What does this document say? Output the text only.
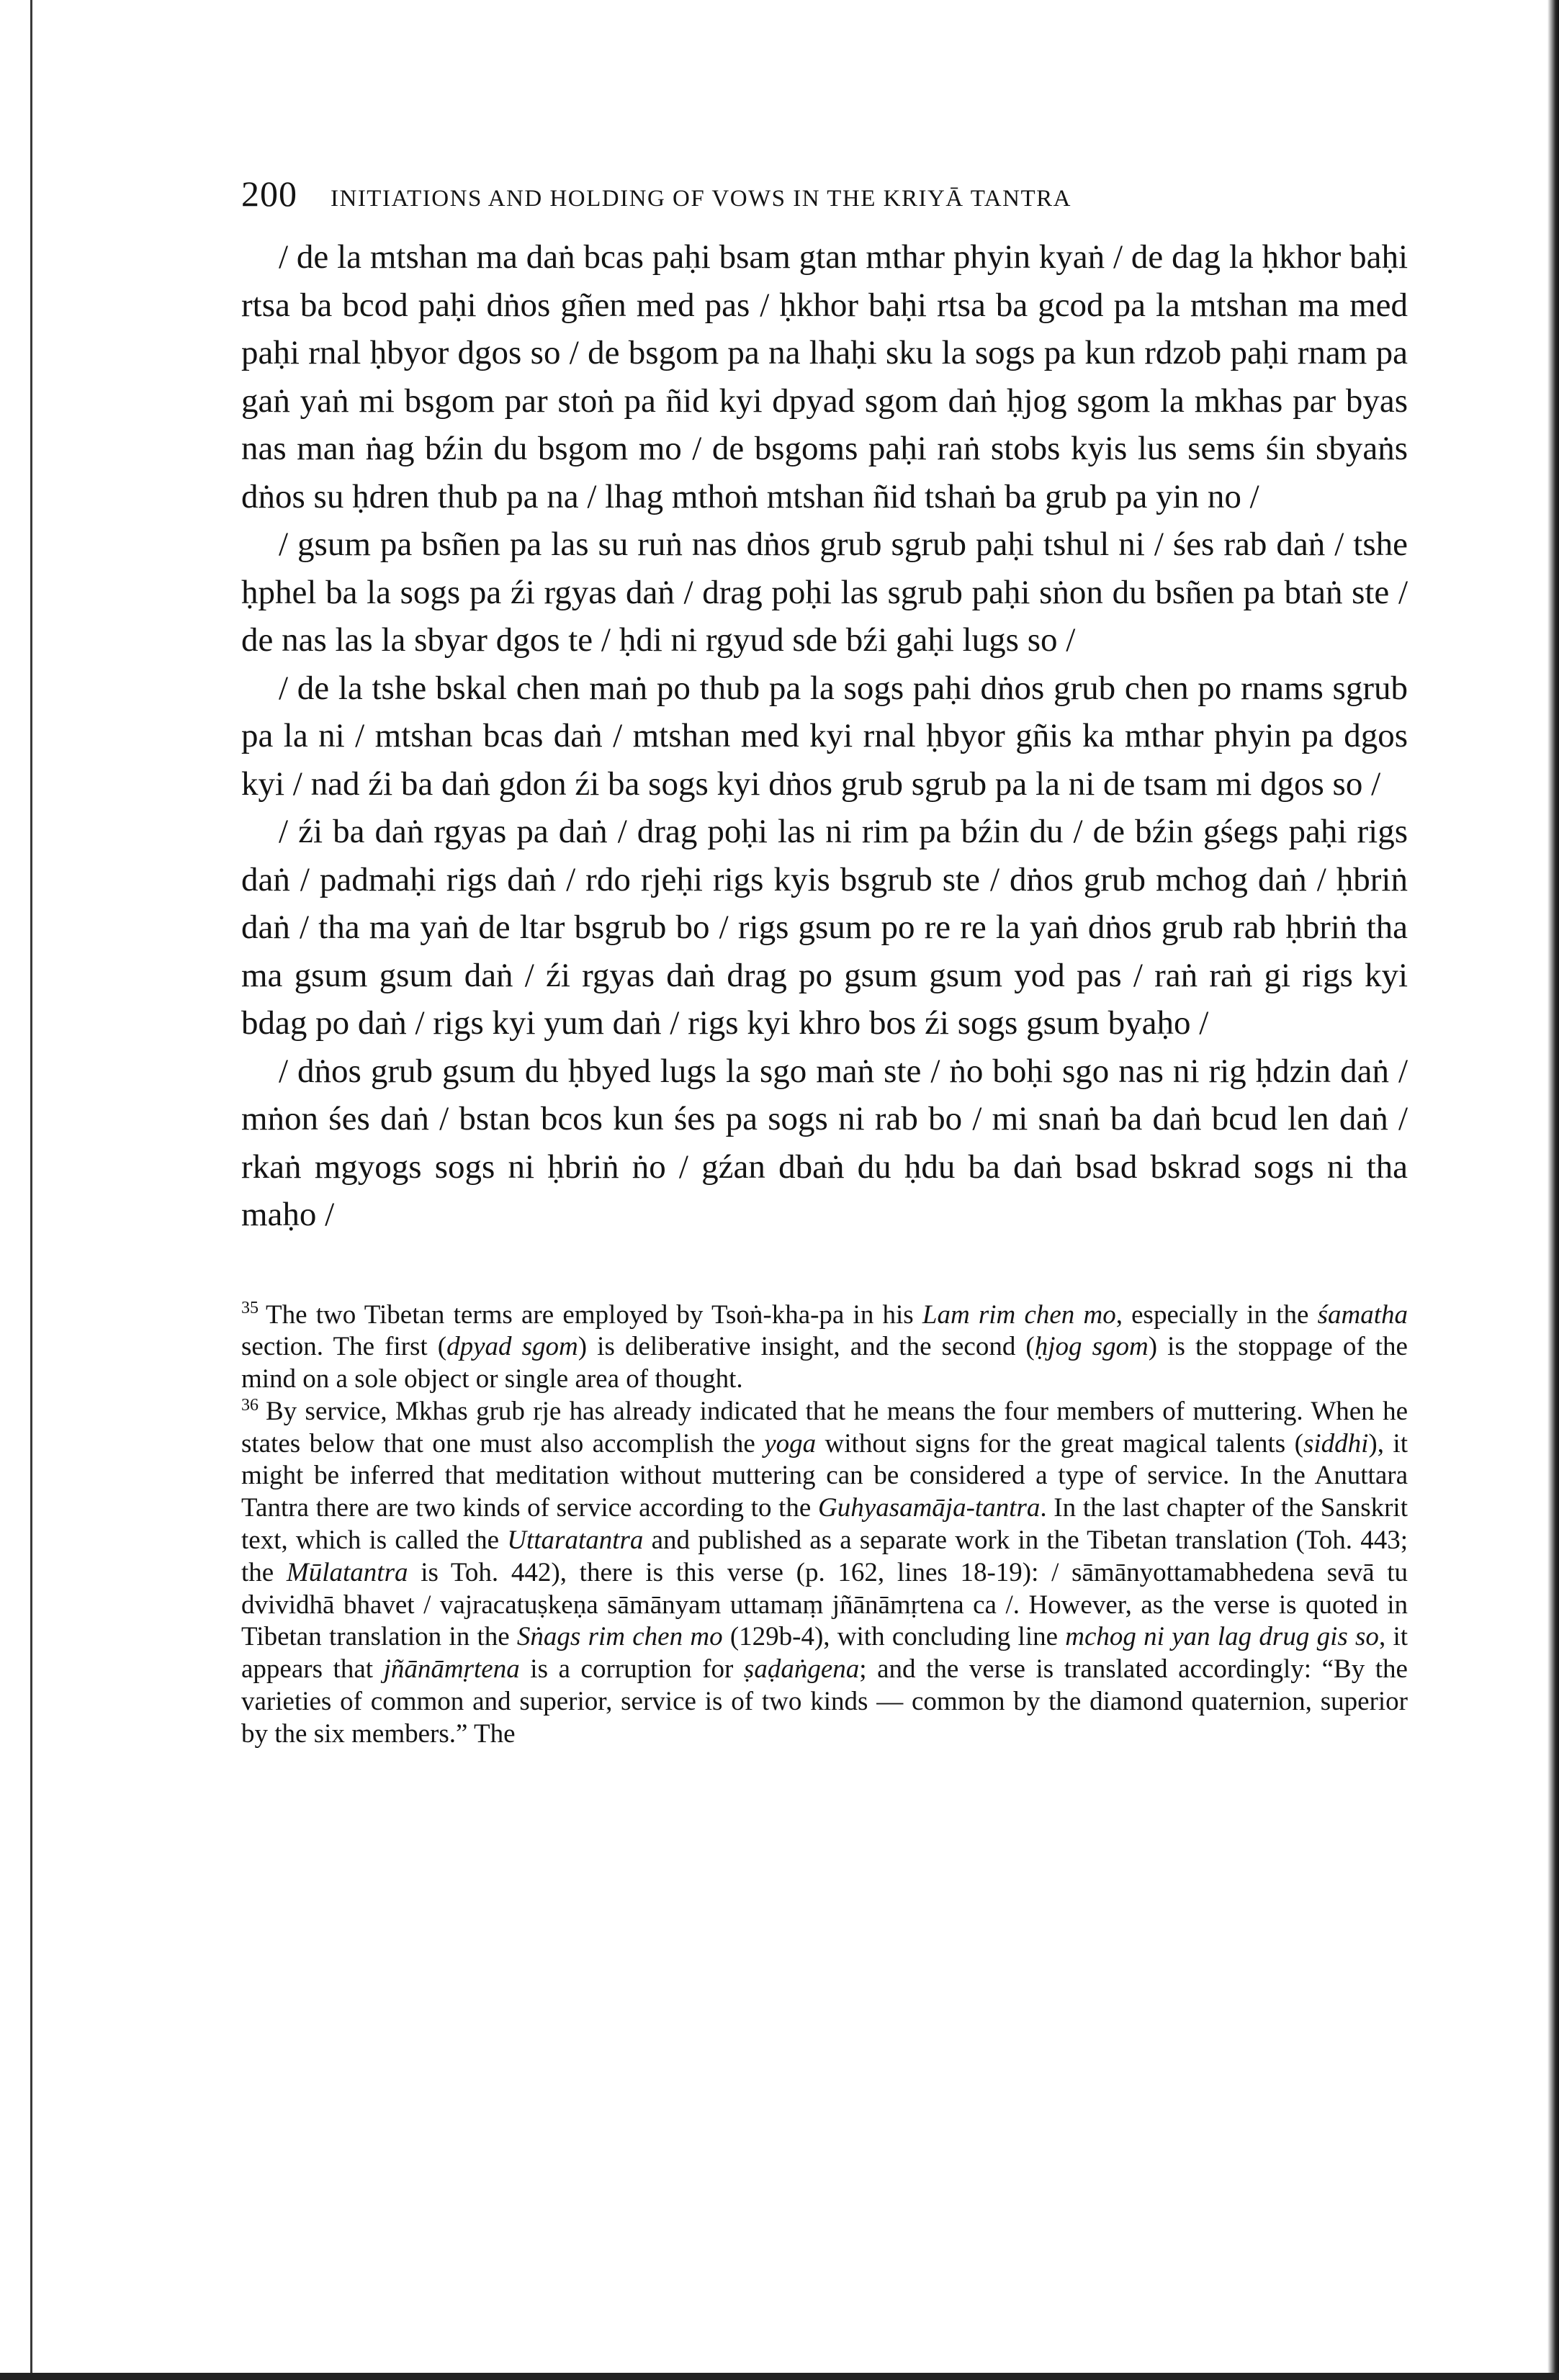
200 INITIATIONS AND HOLDING OF VOWS IN THE KRIYĀ TANTRA

/ de la mtshan ma daṅ bcas paḥi bsam gtan mthar phyin kyaṅ / de dag la ḥkhor baḥi rtsa ba bcod paḥi dṅos gñen med pas / ḥkhor baḥi rtsa ba gcod pa la mtshan ma med paḥi rnal ḥbyor dgos so / de bsgom pa na lhaḥi sku la sogs pa kun rdzob paḥi rnam pa gaṅ yaṅ mi bsgom par stoṅ pa ñid kyi dpyad sgom daṅ ḥjog sgom la mkhas par byas nas man ṅag bźin du bsgom mo / de bsgoms paḥi raṅ stobs kyis lus sems śin sbyaṅs dṅos su ḥdren thub pa na / lhag mthoṅ mtshan ñid tshaṅ ba grub pa yin no /

/ gsum pa bsñen pa las su ruṅ nas dṅos grub sgrub paḥi tshul ni / śes rab daṅ / tshe ḥphel ba la sogs pa źi rgyas daṅ / drag poḥi las sgrub paḥi sṅon du bsñen pa btaṅ ste / de nas las la sbyar dgos te / ḥdi ni rgyud sde bźi gaḥi lugs so /

/ de la tshe bskal chen maṅ po thub pa la sogs paḥi dṅos grub chen po rnams sgrub pa la ni / mtshan bcas daṅ / mtshan med kyi rnal ḥbyor gñis ka mthar phyin pa dgos kyi / nad źi ba daṅ gdon źi ba sogs kyi dṅos grub sgrub pa la ni de tsam mi dgos so /

/ źi ba daṅ rgyas pa daṅ / drag poḥi las ni rim pa bźin du / de bźin gśegs paḥi rigs daṅ / padmaḥi rigs daṅ / rdo rjeḥi rigs kyis bsgrub ste / dṅos grub mchog daṅ / ḥbriṅ daṅ / tha ma yaṅ de ltar bsgrub bo / rigs gsum po re re la yaṅ dṅos grub rab ḥbriṅ tha ma gsum gsum daṅ / źi rgyas daṅ drag po gsum gsum yod pas / raṅ raṅ gi rigs kyi bdag po daṅ / rigs kyi yum daṅ / rigs kyi khro bos źi sogs gsum byaḥo /

/ dṅos grub gsum du ḥbyed lugs la sgo maṅ ste / ṅo boḥi sgo nas ni rig ḥdzin daṅ / mṅon śes daṅ / bstan bcos kun śes pa sogs ni rab bo / mi snaṅ ba daṅ bcud len daṅ / rkaṅ mgyogs sogs ni ḥbriṅ ṅo / gźan dbaṅ du ḥdu ba daṅ bsad bskrad sogs ni tha maḥo /

35 The two Tibetan terms are employed by Tsoṅ-kha-pa in his Lam rim chen mo, especially in the śamatha section. The first (dpyad sgom) is deliberative insight, and the second (ḥjog sgom) is the stoppage of the mind on a sole object or single area of thought.

36 By service, Mkhas grub rje has already indicated that he means the four members of muttering. When he states below that one must also accomplish the yoga without signs for the great magical talents (siddhi), it might be inferred that meditation without muttering can be considered a type of service. In the Anuttara Tantra there are two kinds of service according to the Guhyasamāja-tantra. In the last chapter of the Sanskrit text, which is called the Uttaratantra and published as a separate work in the Tibetan translation (Toh. 443; the Mūlatantra is Toh. 442), there is this verse (p. 162, lines 18-19): / sāmānyottamabhedena sevā tu dvividhā bhavet / vajracatuṣkeṇa sāmānyam uttamaṃ jñānāmṛtena ca /. However, as the verse is quoted in Tibetan translation in the Sṅags rim chen mo (129b-4), with concluding line mchog ni yan lag drug gis so, it appears that jñānāmṛtena is a corruption for ṣaḍaṅgena; and the verse is translated accordingly: “By the varieties of common and superior, service is of two kinds — common by the diamond quaternion, superior by the six members.” The
